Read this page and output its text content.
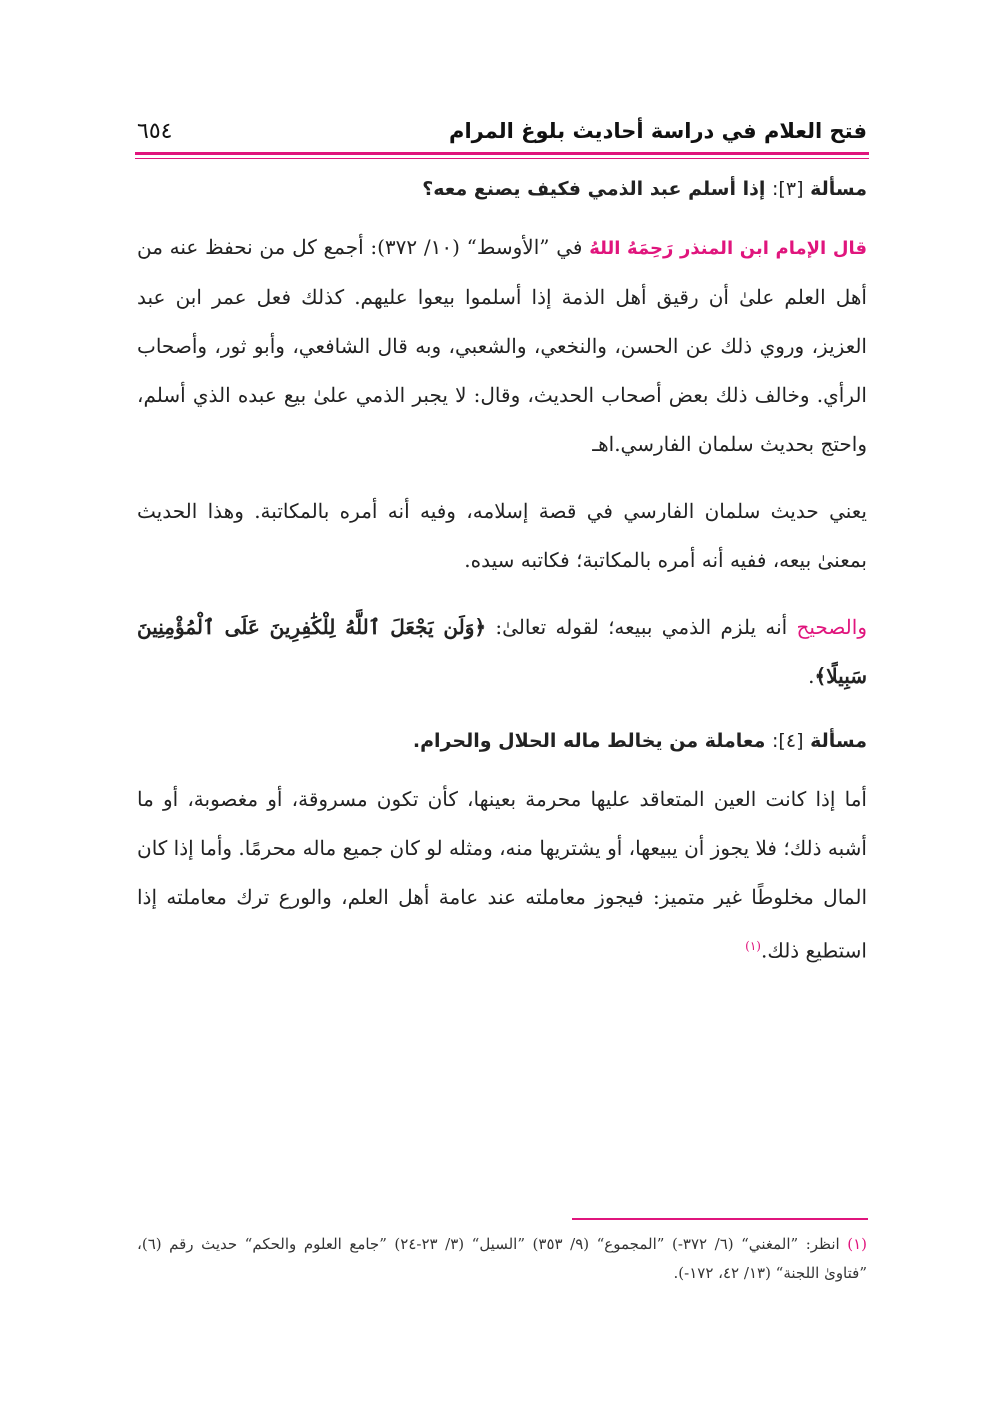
فتح العلام في دراسة أحاديث بلوغ المرام
٦٥٤
مسألة [٣]: إذا أسلم عبد الذمي فكيف يصنع معه؟

قال الإمام ابن المنذر رَحِمَهُ اللهُ في ”الأوسط“ (١٠/ ٣٧٢): أجمع كل من نحفظ عنه من أهل العلم علىٰ أن رقيق أهل الذمة إذا أسلموا بيعوا عليهم. كذلك فعل عمر ابن عبد العزيز، وروي ذلك عن الحسن، والنخعي، والشعبي، وبه قال الشافعي، وأبو ثور، وأصحاب الرأي. وخالف ذلك بعض أصحاب الحديث، وقال: لا يجبر الذمي علىٰ بيع عبده الذي أسلم، واحتج بحديث سلمان الفارسي.اهـ

يعني حديث سلمان الفارسي في قصة إسلامه، وفيه أنه أمره بالمكاتبة. وهذا الحديث بمعنىٰ بيعه، ففيه أنه أمره بالمكاتبة؛ فكاتبه سيده.

والصحيح أنه يلزم الذمي ببيعه؛ لقوله تعالىٰ: ﴿وَلَن يَجْعَلَ ٱللَّهُ لِلْكَٰفِرِينَ عَلَى ٱلْمُؤْمِنِينَ سَبِيلًا﴾.

مسألة [٤]: معاملة من يخالط ماله الحلال والحرام.

أما إذا كانت العين المتعاقد عليها محرمة بعينها، كأن تكون مسروقة، أو مغصوبة، أو ما أشبه ذلك؛ فلا يجوز أن يبيعها، أو يشتريها منه، ومثله لو كان جميع ماله محرمًا. وأما إذا كان المال مخلوطًا غير متميز: فيجوز معاملته عند عامة أهل العلم، والورع ترك معاملته إذا استطيع ذلك.$^{(١)}$

(١) انظر: ”المغني“ (٦/ ٣٧٢-) ”المجموع“ (٩/ ٣٥٣) ”السيل“ (٣/ ٢٣-٢٤) ”جامع العلوم والحكم“ حديث رقم (٦)، ”فتاوىٰ اللجنة“ (١٣/ ٤٢، ١٧٢-).
